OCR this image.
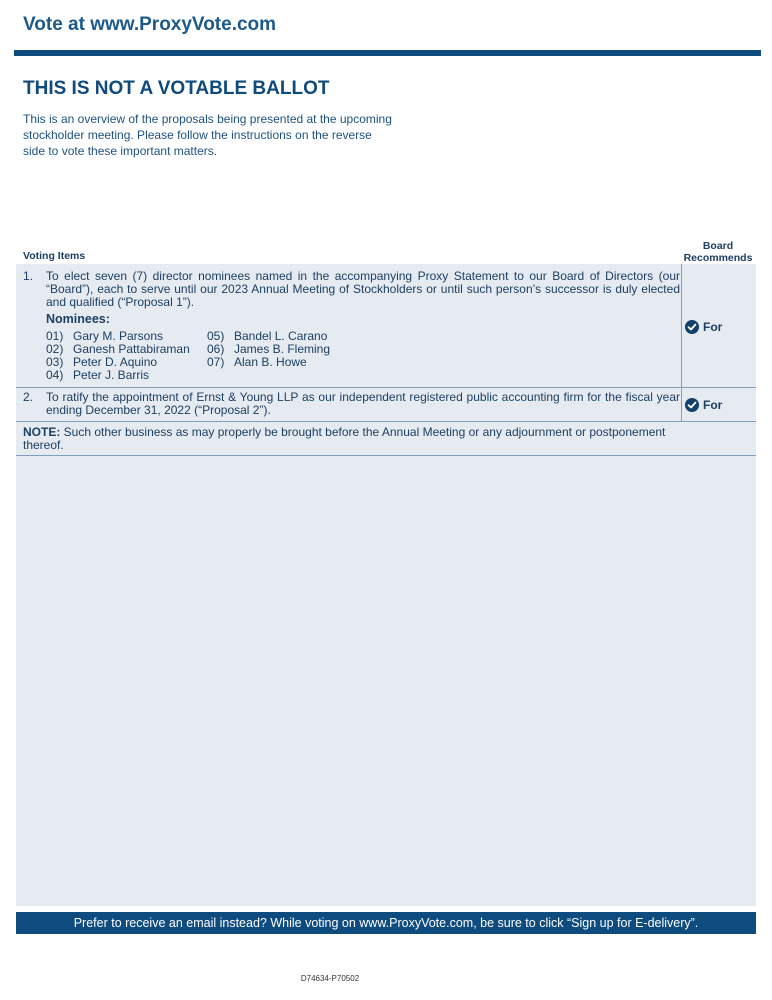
Vote at www.ProxyVote.com
THIS IS NOT A VOTABLE BALLOT
This is an overview of the proposals being presented at the upcoming stockholder meeting. Please follow the instructions on the reverse side to vote these important matters.
Voting Items
Board
Recommends
1. To elect seven (7) director nominees named in the accompanying Proxy Statement to our Board of Directors (our “Board”), each to serve until our 2023 Annual Meeting of Stockholders or until such person’s successor is duly elected and qualified (“Proposal 1”).
Nominees:
01) Gary M. Parsons
02) Ganesh Pattabiraman
03) Peter D. Aquino
04) Peter J. Barris
05) Bandel L. Carano
06) James B. Fleming
07) Alan B. Howe
For
2. To ratify the appointment of Ernst & Young LLP as our independent registered public accounting firm for the fiscal year ending December 31, 2022 (“Proposal 2”).	For
NOTE: Such other business as may properly be brought before the Annual Meeting or any adjournment or postponement thereof.
Prefer to receive an email instead? While voting on www.ProxyVote.com, be sure to click “Sign up for E-delivery”.
D74634-P70502
